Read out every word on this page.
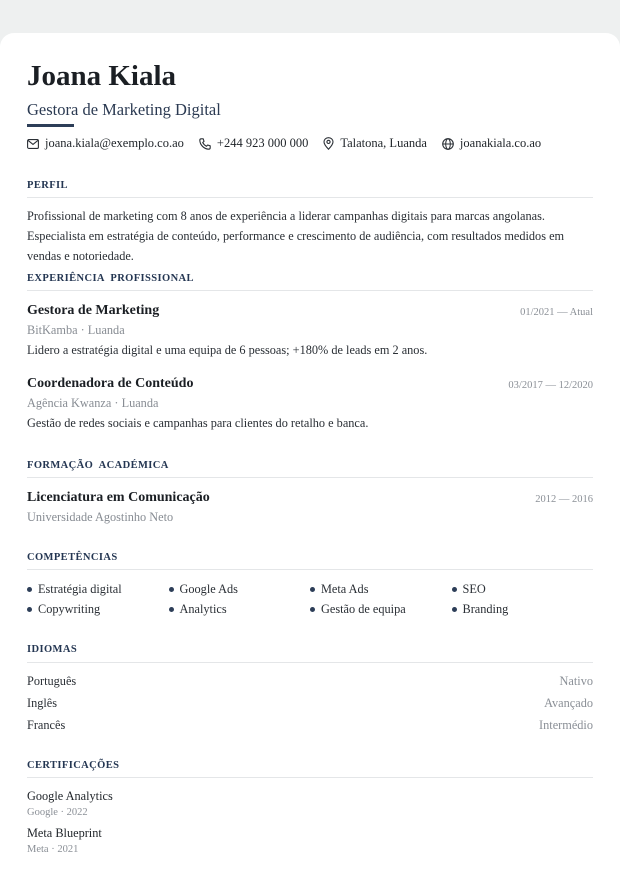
Joana Kiala
Gestora de Marketing Digital
joana.kiala@exemplo.co.ao	+244 923 000 000	Talatona, Luanda	joanakiala.co.ao
PERFIL
Profissional de marketing com 8 anos de experiência a liderar campanhas digitais para marcas angolanas. Especialista em estratégia de conteúdo, performance e crescimento de audiência, com resultados medidos em vendas e notoriedade.
EXPERIÊNCIA  PROFISSIONAL
Gestora de Marketing	01/2021 — Atual
BitKamba · Luanda
Lidero a estratégia digital e uma equipa de 6 pessoas; +180% de leads em 2 anos.
Coordenadora de Conteúdo	03/2017 — 12/2020
Agência Kwanza · Luanda
Gestão de redes sociais e campanhas para clientes do retalho e banca.
FORMAÇÃO  ACADÉMICA
Licenciatura em Comunicação	2012 — 2016
Universidade Agostinho Neto
COMPETÊNCIAS
Estratégia digital	Google Ads	Meta Ads	SEO
Copywriting	Analytics	Gestão de equipa	Branding
IDIOMAS
Português	Nativo
Inglês	Avançado
Francês	Intermédio
CERTIFICAÇÕES
Google Analytics
Google · 2022
Meta Blueprint
Meta · 2021
